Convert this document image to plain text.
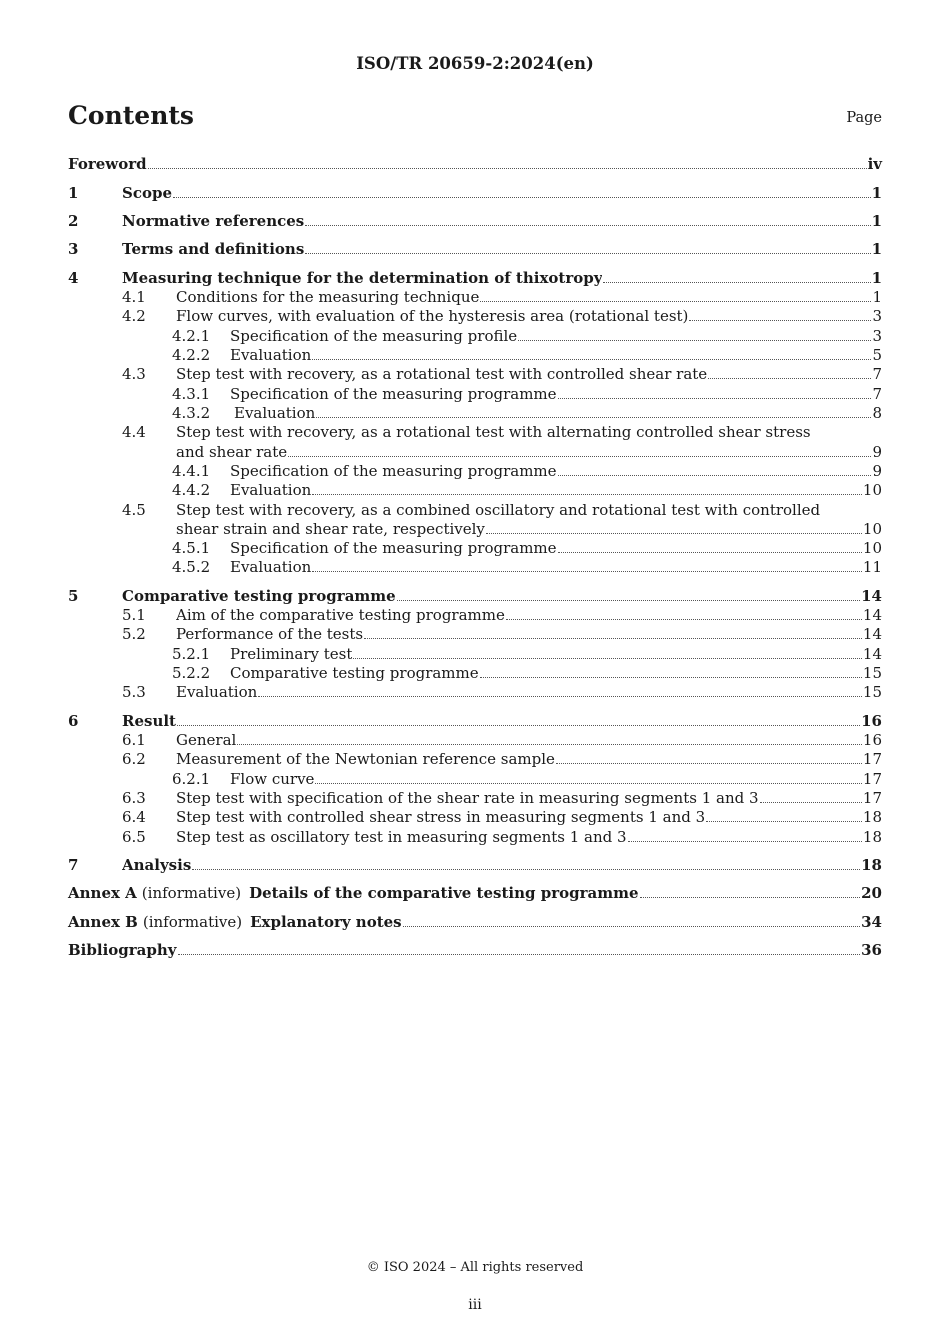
ISO/TR 20659-2:2024(en)
Contents	Page
Foreword	iv
1	Scope	1
2	Normative references	1
3	Terms and definitions	1
4	Measuring technique for the determination of thixotropy	1
4.1	Conditions for the measuring technique	1
4.2	Flow curves, with evaluation of the hysteresis area (rotational test)	3
4.2.1	Specification of the measuring profile	3
4.2.2	Evaluation	5
4.3	Step test with recovery, as a rotational test with controlled shear rate	7
4.3.1	Specification of the measuring programme	7
4.3.2	Evaluation	8
4.4	Step test with recovery, as a rotational test with alternating controlled shear stress
and shear rate	9
4.4.1	Specification of the measuring programme	9
4.4.2	Evaluation	10
4.5	Step test with recovery, as a combined oscillatory and rotational test with controlled
shear strain and shear rate, respectively	10
4.5.1	Specification of the measuring programme	10
4.5.2	Evaluation	11
5	Comparative testing programme	14
5.1	Aim of the comparative testing programme	14
5.2	Performance of the tests	14
5.2.1	Preliminary test	14
5.2.2	Comparative testing programme	15
5.3	Evaluation	15
6	Result	16
6.1	General	16
6.2	Measurement of the Newtonian reference sample	17
6.2.1	Flow curve	17
6.3	Step test with specification of the shear rate in measuring segments 1 and 3	17
6.4	Step test with controlled shear stress in measuring segments 1 and 3	18
6.5	Step test as oscillatory test in measuring segments 1 and 3	18
7	Analysis	18
Annex A (informative) Details of the comparative testing programme	20
Annex B (informative) Explanatory notes	34
Bibliography	36
© ISO 2024 – All rights reserved
iii
